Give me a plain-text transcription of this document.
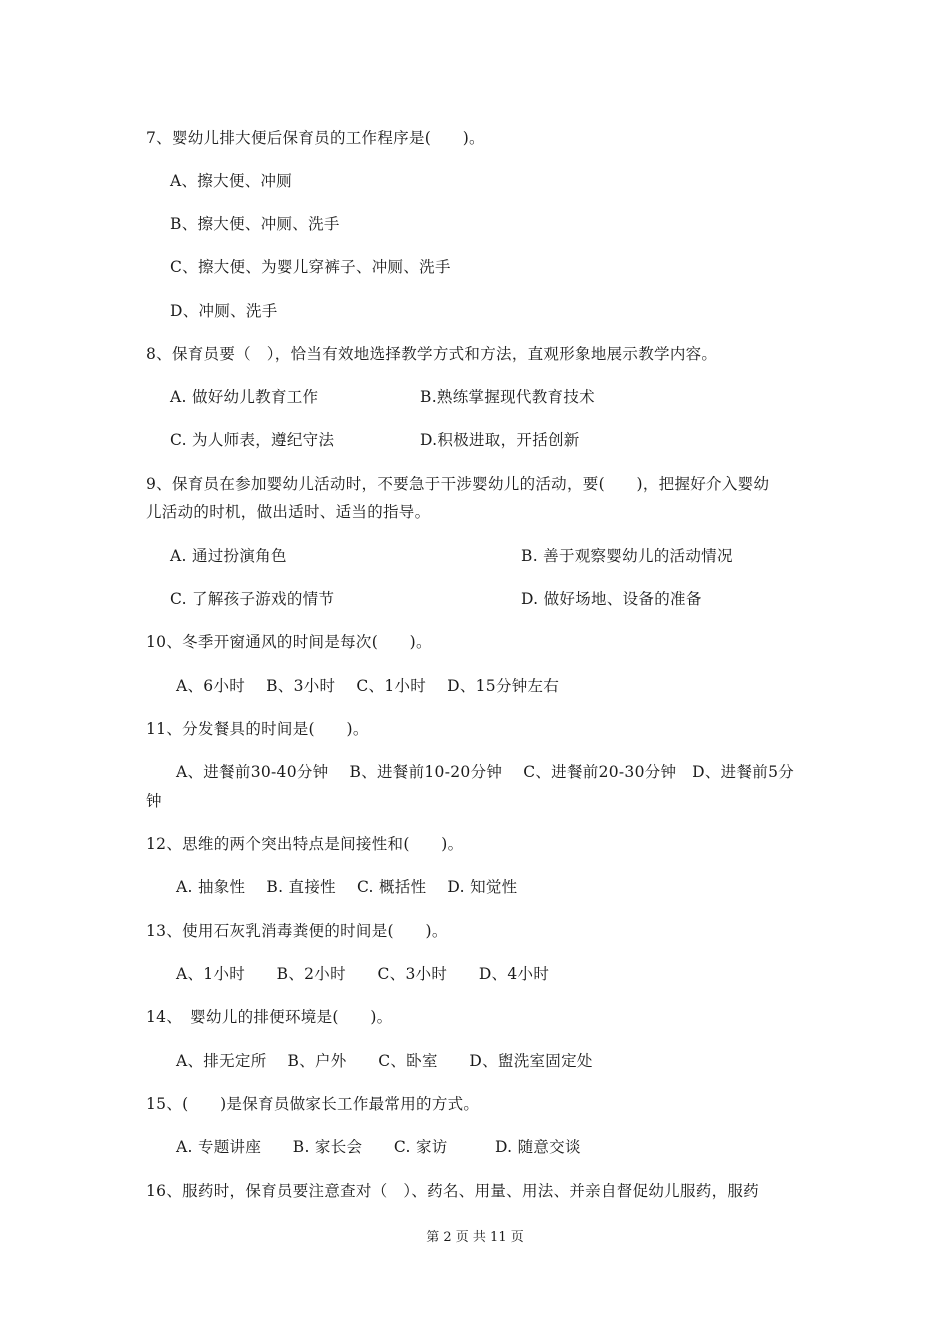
7、婴幼儿排大便后保育员的工作程序是(　　)。
A、擦大便、冲厕
B、擦大便、冲厕、洗手
C、擦大便、为婴儿穿裤子、冲厕、洗手
D、冲厕、洗手
8、保育员要（　），恰当有效地选择教学方式和方法，直观形象地展示教学内容。
A. 做好幼儿教育工作	B.熟练掌握现代教育技术
C. 为人师表，遵纪守法	D.积极进取，开括创新
9、保育员在参加婴幼儿活动时，不要急于干涉婴幼儿的活动，要(　　)，把握好介入婴幼
儿活动的时机，做出适时、适当的指导。
A. 通过扮演角色	B. 善于观察婴幼儿的活动情况
C. 了解孩子游戏的情节	D. 做好场地、设备的准备
10、冬季开窗通风的时间是每次(　　)。
A、6小时　 B、3小时　 C、1小时　 D、15分钟左右
11、分发餐具的时间是(　　)。
A、进餐前30-40分钟　 B、进餐前10-20分钟　 C、进餐前20-30分钟　D、进餐前5分
钟
12、思维的两个突出特点是间接性和(　　)。
A. 抽象性　 B. 直接性　 C. 概括性　 D. 知觉性
13、使用石灰乳消毒粪便的时间是(　　)。
A、1小时　　B、2小时　　C、3小时　　D、4小时
14、　婴幼儿的排便环境是(　　)。
A、排无定所　 B、户外　　C、卧室　　D、盥洗室固定处
15、(　　)是保育员做家长工作最常用的方式。
A. 专题讲座　　B. 家长会　　C. 家访　　　D. 随意交谈
16、服药时，保育员要注意查对（　）、药名、用量、用法、并亲自督促幼儿服药，服药
第 2 页 共 11 页
